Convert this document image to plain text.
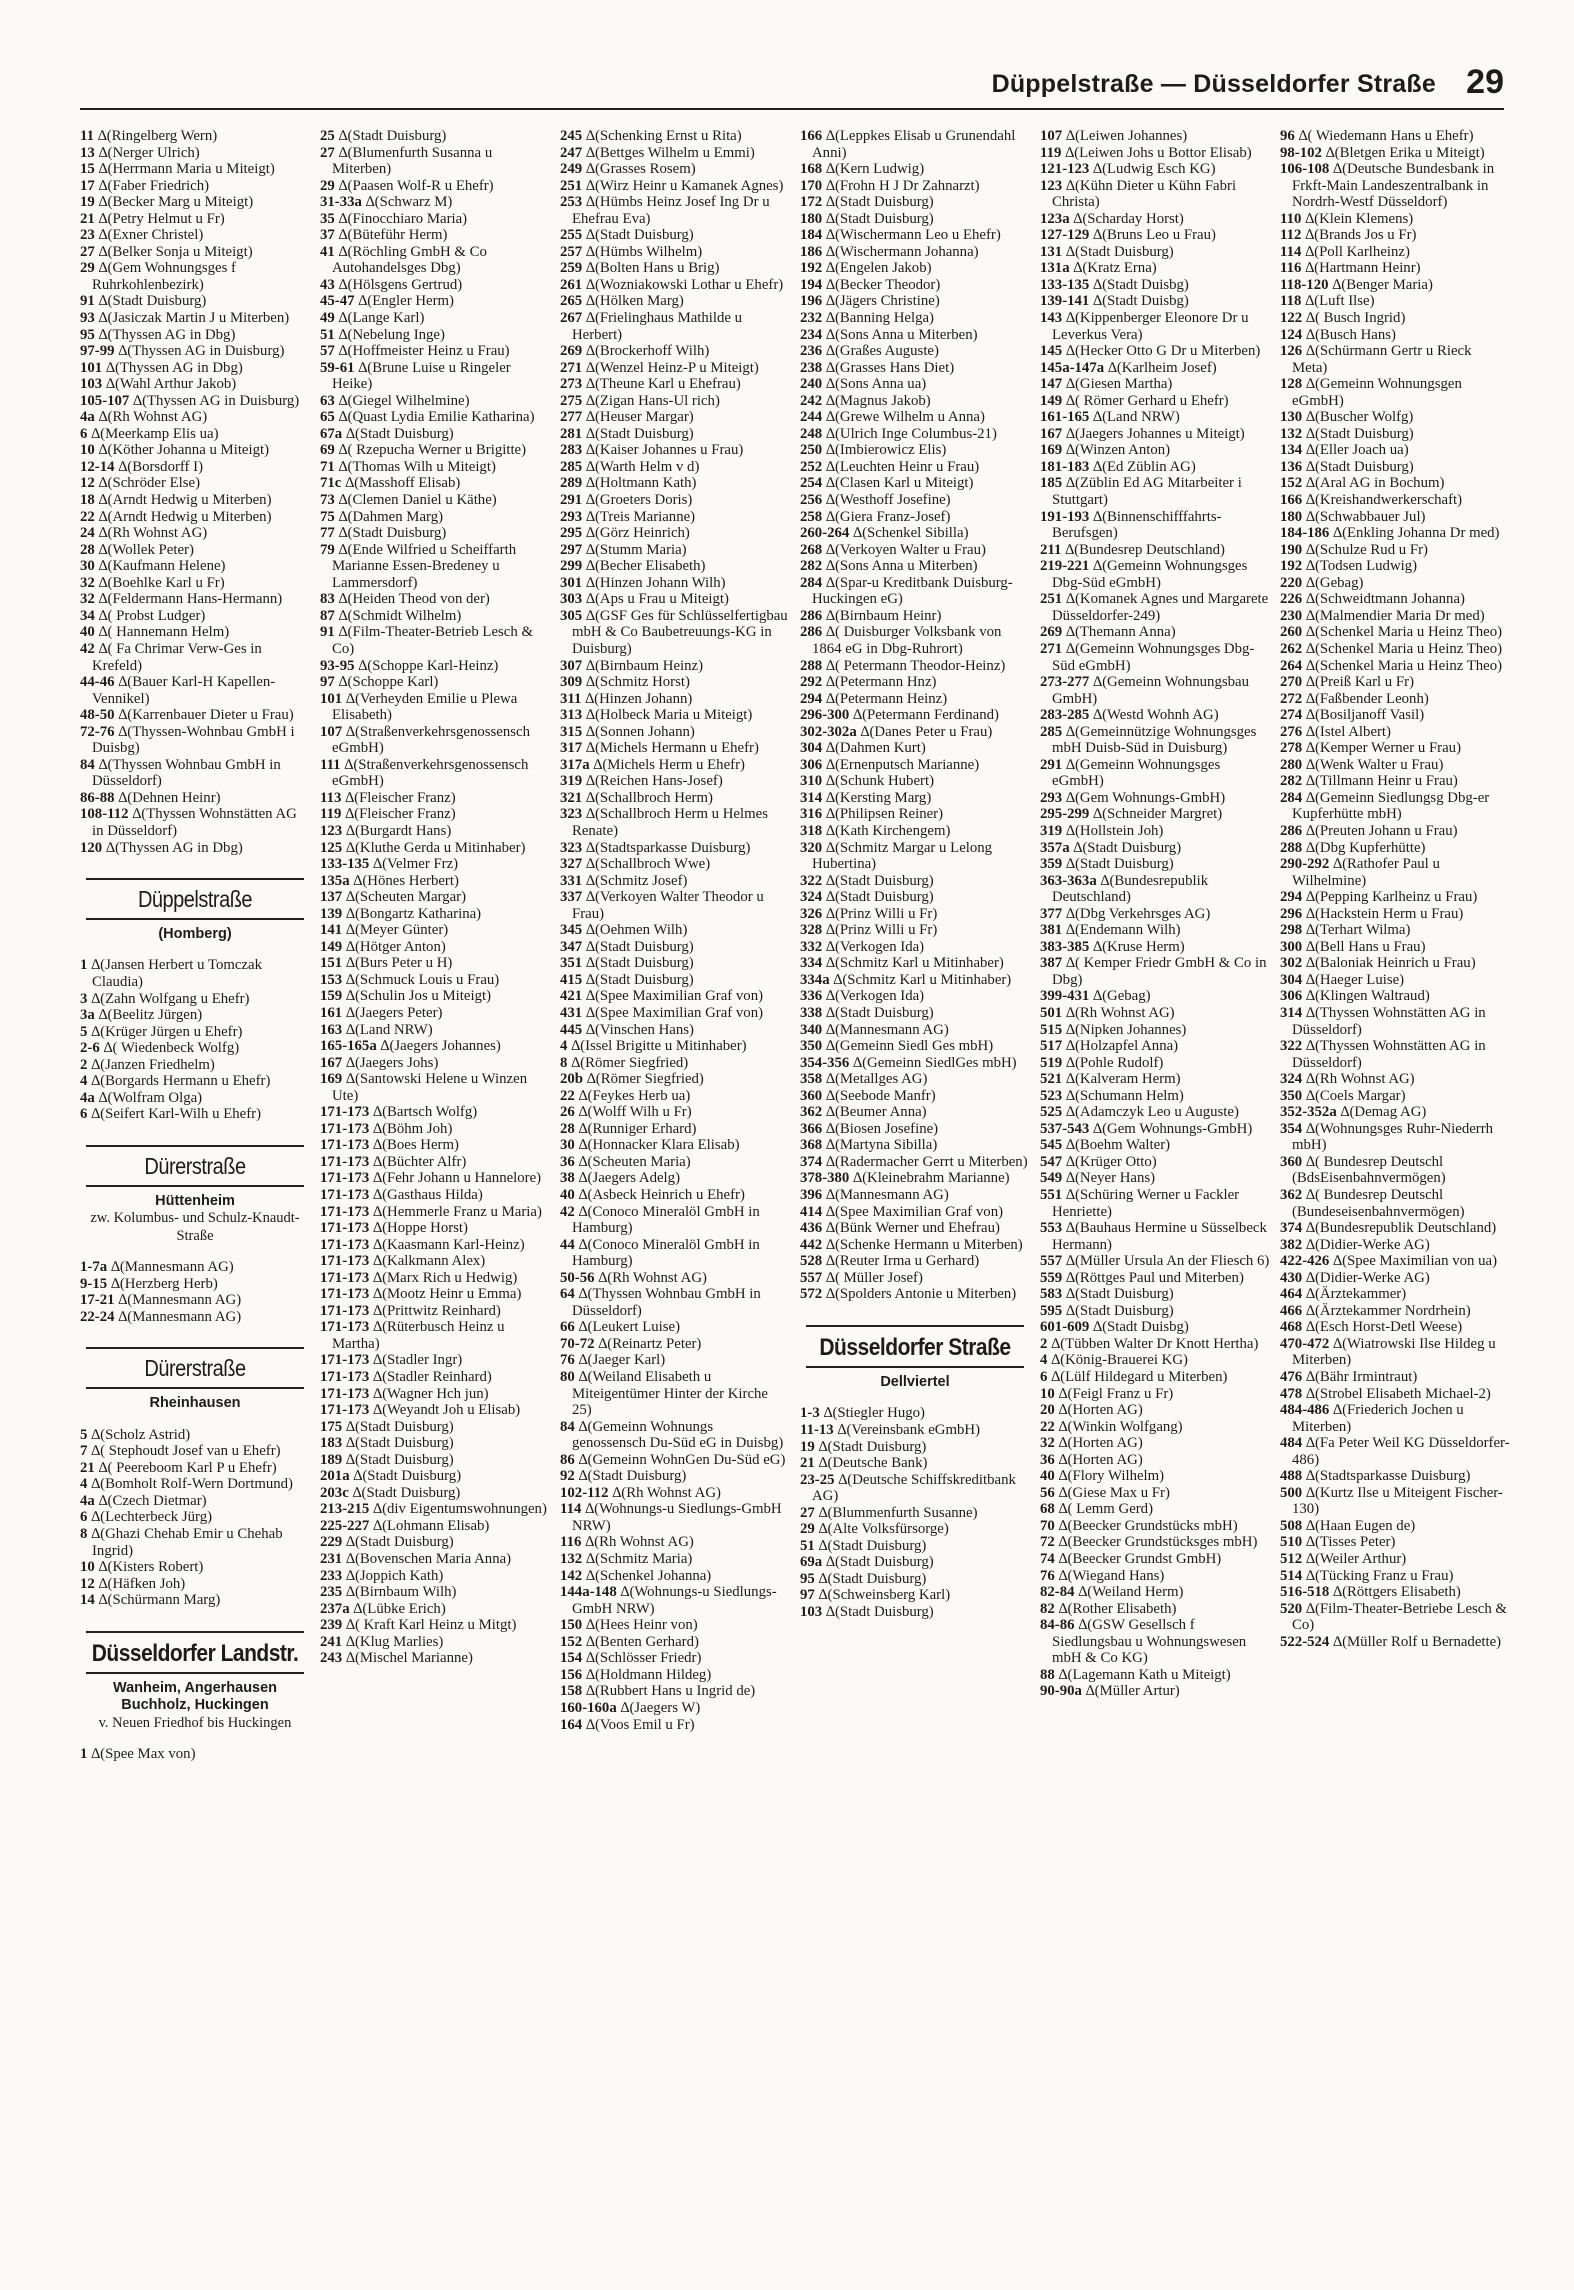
Düppelstraße — Düsseldorfer Straße 29

11 ∆(Ringelberg Wern)

13 ∆(Nerger Ulrich)

15 ∆(Herrmann Maria u Miteigt)

17 ∆(Faber Friedrich)

19 ∆(Becker Marg u Miteigt)

21 ∆(Petry Helmut u Fr)

23 ∆(Exner Christel)

27 ∆(Belker Sonja u Miteigt)

29 ∆(Gem Wohnungsges f Ruhrkohlenbezirk)

91 ∆(Stadt Duisburg)

93 ∆(Jasiczak Martin J u Miterben)

95 ∆(Thyssen AG in Dbg)

97-99 ∆(Thyssen AG in Duisburg)

101 ∆(Thyssen AG in Dbg)

103 ∆(Wahl Arthur Jakob)

105-107 ∆(Thyssen AG in Duisburg)

4a ∆(Rh Wohnst AG)

6 ∆(Meerkamp Elis ua)

10 ∆(Köther Johanna u Miteigt)

12-14 ∆(Borsdorff I)

12 ∆(Schröder Else)

18 ∆(Arndt Hedwig u Miterben)

22 ∆(Arndt Hedwig u Miterben)

24 ∆(Rh Wohnst AG)

28 ∆(Wollek Peter)

30 ∆(Kaufmann Helene)

32 ∆(Boehlke Karl u Fr)

32 ∆(Feldermann Hans-Hermann)

34 ∆( Probst Ludger)

40 ∆( Hannemann Helm)

42 ∆( Fa Chrimar Verw-Ges in Krefeld)

44-46 ∆(Bauer Karl-H Kapellen-Vennikel)

48-50 ∆(Karrenbauer Dieter u Frau)

72-76 ∆(Thyssen-Wohnbau GmbH i Duisbg)

84 ∆(Thyssen Wohnbau GmbH in Düsseldorf)

86-88 ∆(Dehnen Heinr)

108-112 ∆(Thyssen Wohnstätten AG in Düsseldorf)

120 ∆(Thyssen AG in Dbg)

Düppelstraße
(Homberg)

1 ∆(Jansen Herbert u Tomczak Claudia)

3 ∆(Zahn Wolfgang u Ehefr)

3a ∆(Beelitz Jürgen)

5 ∆(Krüger Jürgen u Ehefr)

2-6 ∆( Wiedenbeck Wolfg)

2 ∆(Janzen Friedhelm)

4 ∆(Borgards Hermann u Ehefr)

4a ∆(Wolfram Olga)

6 ∆(Seifert Karl-Wilh u Ehefr)

Dürerstraße
Hüttenheim
zw. Kolumbus- und Schulz-Knaudt-Straße

1-7a ∆(Mannesmann AG)

9-15 ∆(Herzberg Herb)

17-21 ∆(Mannesmann AG)

22-24 ∆(Mannesmann AG)

Dürerstraße
Rheinhausen

5 ∆(Scholz Astrid)

7 ∆( Stephoudt Josef van u Ehefr)

21 ∆( Peereboom Karl P u Ehefr)

4 ∆(Bomholt Rolf-Wern Dortmund)

4a ∆(Czech Dietmar)

6 ∆(Lechterbeck Jürg)

8 ∆(Ghazi Chehab Emir u Chehab Ingrid)

10 ∆(Kisters Robert)

12 ∆(Häfken Joh)

14 ∆(Schürmann Marg)

Düsseldorfer Landstr.
Wanheim, Angerhausen Buchholz, Huckingen
v. Neuen Friedhof bis Huckingen

1 ∆(Spee Max von)

25 ∆(Stadt Duisburg)

27 ∆(Blumenfurth Susanna u Miterben)

29 ∆(Paasen Wolf-R u Ehefr)

31-33a ∆(Schwarz M)

35 ∆(Finocchiaro Maria)

37 ∆(Büteführ Herm)

41 ∆(Röchling GmbH & Co Autohandelsges Dbg)

43 ∆(Hölsgens Gertrud)

45-47 ∆(Engler Herm)

49 ∆(Lange Karl)

51 ∆(Nebelung Inge)

57 ∆(Hoffmeister Heinz u Frau)

59-61 ∆(Brune Luise u Ringeler Heike)

63 ∆(Giegel Wilhelmine)

65 ∆(Quast Lydia Emilie Katharina)

67a ∆(Stadt Duisburg)

69 ∆( Rzepucha Werner u Brigitte)

71 ∆(Thomas Wilh u Miteigt)

71c ∆(Masshoff Elisab)

73 ∆(Clemen Daniel u Käthe)

75 ∆(Dahmen Marg)

77 ∆(Stadt Duisburg)

79 ∆(Ende Wilfried u Scheiffarth Marianne Essen-Bredeney u Lammersdorf)

83 ∆(Heiden Theod von der)

87 ∆(Schmidt Wilhelm)

91 ∆(Film-Theater-Betrieb Lesch & Co)

93-95 ∆(Schoppe Karl-Heinz)

97 ∆(Schoppe Karl)

101 ∆(Verheyden Emilie u Plewa Elisabeth)

107 ∆(Straßenverkehrsgenossensch eGmbH)

111 ∆(Straßenverkehrsgenossensch eGmbH)

113 ∆(Fleischer Franz)

119 ∆(Fleischer Franz)

123 ∆(Burgardt Hans)

125 ∆(Kluthe Gerda u Mitinhaber)

133-135 ∆(Velmer Frz)

135a ∆(Hönes Herbert)

137 ∆(Scheuten Margar)

139 ∆(Bongartz Katharina)

141 ∆(Meyer Günter)

149 ∆(Hötger Anton)

151 ∆(Burs Peter u H)

153 ∆(Schmuck Louis u Frau)

159 ∆(Schulin Jos u Miteigt)

161 ∆(Jaegers Peter)

163 ∆(Land NRW)

165-165a ∆(Jaegers Johannes)

167 ∆(Jaegers Johs)

169 ∆(Santowski Helene u Winzen Ute)

171-173 ∆(Bartsch Wolfg)

171-173 ∆(Böhm Joh)

171-173 ∆(Boes Herm)

171-173 ∆(Büchter Alfr)

171-173 ∆(Fehr Johann u Hannelore)

171-173 ∆(Gasthaus Hilda)

171-173 ∆(Hemmerle Franz u Maria)

171-173 ∆(Hoppe Horst)

171-173 ∆(Kaasmann Karl-Heinz)

171-173 ∆(Kalkmann Alex)

171-173 ∆(Marx Rich u Hedwig)

171-173 ∆(Mootz Heinr u Emma)

171-173 ∆(Prittwitz Reinhard)

171-173 ∆(Rüterbusch Heinz u Martha)

171-173 ∆(Stadler Ingr)

171-173 ∆(Stadler Reinhard)

171-173 ∆(Wagner Hch jun)

171-173 ∆(Weyandt Joh u Elisab)

175 ∆(Stadt Duisburg)

183 ∆(Stadt Duisburg)

189 ∆(Stadt Duisburg)

201a ∆(Stadt Duisburg)

203c ∆(Stadt Duisburg)

213-215 ∆(div Eigentumswohnungen)

225-227 ∆(Lohmann Elisab)

229 ∆(Stadt Duisburg)

231 ∆(Bovenschen Maria Anna)

233 ∆(Joppich Kath)

235 ∆(Birnbaum Wilh)

237a ∆(Lübke Erich)

239 ∆( Kraft Karl Heinz u Mitgt)

241 ∆(Klug Marlies)

243 ∆(Mischel Marianne)

245 ∆(Schenking Ernst u Rita)

247 ∆(Bettges Wilhelm u Emmi)

249 ∆(Grasses Rosem)

251 ∆(Wirz Heinr u Kamanek Agnes)

253 ∆(Hümbs Heinz Josef Ing Dr u Ehefrau Eva)

255 ∆(Stadt Duisburg)

257 ∆(Hümbs Wilhelm)

259 ∆(Bolten Hans u Brig)

261 ∆(Wozniakowski Lothar u Ehefr)

265 ∆(Hölken Marg)

267 ∆(Frielinghaus Mathilde u Herbert)

269 ∆(Brockerhoff Wilh)

271 ∆(Wenzel Heinz-P u Miteigt)

273 ∆(Theune Karl u Ehefrau)

275 ∆(Zigan Hans-Ul rich)

277 ∆(Heuser Margar)

281 ∆(Stadt Duisburg)

283 ∆(Kaiser Johannes u Frau)

285 ∆(Warth Helm v d)

289 ∆(Holtmann Kath)

291 ∆(Groeters Doris)

293 ∆(Treis Marianne)

295 ∆(Görz Heinrich)

297 ∆(Stumm Maria)

299 ∆(Becher Elisabeth)

301 ∆(Hinzen Johann Wilh)

303 ∆(Aps u Frau u Miteigt)

305 ∆(GSF Ges für Schlüsselfertigbau mbH & Co Baubetreuungs-KG in Duisburg)

307 ∆(Birnbaum Heinz)

309 ∆(Schmitz Horst)

311 ∆(Hinzen Johann)

313 ∆(Holbeck Maria u Miteigt)

315 ∆(Sonnen Johann)

317 ∆(Michels Hermann u Ehefr)

317a ∆(Michels Herm u Ehefr)

319 ∆(Reichen Hans-Josef)

321 ∆(Schallbroch Herm)

323 ∆(Schallbroch Herm u Helmes Renate)

323 ∆(Stadtsparkasse Duisburg)

327 ∆(Schallbroch Wwe)

331 ∆(Schmitz Josef)

337 ∆(Verkoyen Walter Theodor u Frau)

345 ∆(Oehmen Wilh)

347 ∆(Stadt Duisburg)

351 ∆(Stadt Duisburg)

415 ∆(Stadt Duisburg)

421 ∆(Spee Maximilian Graf von)

431 ∆(Spee Maximilian Graf von)

445 ∆(Vinschen Hans)

4 ∆(Issel Brigitte u Mitinhaber)

8 ∆(Römer Siegfried)

20b ∆(Römer Siegfried)

22 ∆(Feykes Herb ua)

26 ∆(Wolff Wilh u Fr)

28 ∆(Runniger Erhard)

30 ∆(Honnacker Klara Elisab)

36 ∆(Scheuten Maria)

38 ∆(Jaegers Adelg)

40 ∆(Asbeck Heinrich u Ehefr)

42 ∆(Conoco Mineralöl GmbH in Hamburg)

44 ∆(Conoco Mineralöl GmbH in Hamburg)

50-56 ∆(Rh Wohnst AG)

64 ∆(Thyssen Wohnbau GmbH in Düsseldorf)

66 ∆(Leukert Luise)

70-72 ∆(Reinartz Peter)

76 ∆(Jaeger Karl)

80 ∆(Weiland Elisabeth u Miteigentümer Hinter der Kirche 25)

84 ∆(Gemeinn Wohnungs genossensch Du-Süd eG in Duisbg)

86 ∆(Gemeinn WohnGen Du-Süd eG)

92 ∆(Stadt Duisburg)

102-112 ∆(Rh Wohnst AG)

114 ∆(Wohnungs-u Siedlungs-GmbH NRW)

116 ∆(Rh Wohnst AG)

132 ∆(Schmitz Maria)

142 ∆(Schenkel Johanna)

144a-148 ∆(Wohnungs-u Siedlungs-GmbH NRW)

150 ∆(Hees Heinr von)

152 ∆(Benten Gerhard)

154 ∆(Schlösser Friedr)

156 ∆(Holdmann Hildeg)

158 ∆(Rubbert Hans u Ingrid de)

160-160a ∆(Jaegers W)

164 ∆(Voos Emil u Fr)

166 ∆(Leppkes Elisab u Grunendahl Anni)

168 ∆(Kern Ludwig)

170 ∆(Frohn H J Dr Zahnarzt)

172 ∆(Stadt Duisburg)

180 ∆(Stadt Duisburg)

184 ∆(Wischermann Leo u Ehefr)

186 ∆(Wischermann Johanna)

192 ∆(Engelen Jakob)

194 ∆(Becker Theodor)

196 ∆(Jägers Christine)

232 ∆(Banning Helga)

234 ∆(Sons Anna u Miterben)

236 ∆(Graßes Auguste)

238 ∆(Grasses Hans Diet)

240 ∆(Sons Anna ua)

242 ∆(Magnus Jakob)

244 ∆(Grewe Wilhelm u Anna)

248 ∆(Ulrich Inge Columbus-21)

250 ∆(Imbierowicz Elis)

252 ∆(Leuchten Heinr u Frau)

254 ∆(Clasen Karl u Miteigt)

256 ∆(Westhoff Josefine)

258 ∆(Giera Franz-Josef)

260-264 ∆(Schenkel Sibilla)

268 ∆(Verkoyen Walter u Frau)

282 ∆(Sons Anna u Miterben)

284 ∆(Spar-u Kreditbank Duisburg-Huckingen eG)

286 ∆(Birnbaum Heinr)

286 ∆( Duisburger Volksbank von 1864 eG in Dbg-Ruhrort)

288 ∆( Petermann Theodor-Heinz)

292 ∆(Petermann Hnz)

294 ∆(Petermann Heinz)

296-300 ∆(Petermann Ferdinand)

302-302a ∆(Danes Peter u Frau)

304 ∆(Dahmen Kurt)

306 ∆(Ernenputsch Marianne)

310 ∆(Schunk Hubert)

314 ∆(Kersting Marg)

316 ∆(Philipsen Reiner)

318 ∆(Kath Kirchengem)

320 ∆(Schmitz Margar u Lelong Hubertina)

322 ∆(Stadt Duisburg)

324 ∆(Stadt Duisburg)

326 ∆(Prinz Willi u Fr)

328 ∆(Prinz Willi u Fr)

332 ∆(Verkogen Ida)

334 ∆(Schmitz Karl u Mitinhaber)

334a ∆(Schmitz Karl u Mitinhaber)

336 ∆(Verkogen Ida)

338 ∆(Stadt Duisburg)

340 ∆(Mannesmann AG)

350 ∆(Gemeinn Siedl Ges mbH)

354-356 ∆(Gemeinn SiedlGes mbH)

358 ∆(Metallges AG)

360 ∆(Seebode Manfr)

362 ∆(Beumer Anna)

366 ∆(Biosen Josefine)

368 ∆(Martyna Sibilla)

374 ∆(Radermacher Gerrt u Miterben)

378-380 ∆(Kleinebrahm Marianne)

396 ∆(Mannesmann AG)

414 ∆(Spee Maximilian Graf von)

436 ∆(Bünk Werner und Ehefrau)

442 ∆(Schenke Hermann u Miterben)

528 ∆(Reuter Irma u Gerhard)

557 ∆( Müller Josef)

572 ∆(Spolders Antonie u Miterben)

Düsseldorfer Straße
Dellviertel

1-3 ∆(Stiegler Hugo)

11-13 ∆(Vereinsbank eGmbH)

19 ∆(Stadt Duisburg)

21 ∆(Deutsche Bank)

23-25 ∆(Deutsche Schiffskreditbank AG)

27 ∆(Blummenfurth Susanne)

29 ∆(Alte Volksfürsorge)

51 ∆(Stadt Duisburg)

69a ∆(Stadt Duisburg)

95 ∆(Stadt Duisburg)

97 ∆(Schweinsberg Karl)

103 ∆(Stadt Duisburg)

107 ∆(Leiwen Johannes)

119 ∆(Leiwen Johs u Bottor Elisab)

121-123 ∆(Ludwig Esch KG)

123 ∆(Kühn Dieter u Kühn Fabri Christa)

123a ∆(Scharday Horst)

127-129 ∆(Bruns Leo u Frau)

131 ∆(Stadt Duisburg)

131a ∆(Kratz Erna)

133-135 ∆(Stadt Duisbg)

139-141 ∆(Stadt Duisbg)

143 ∆(Kippenberger Eleonore Dr u Leverkus Vera)

145 ∆(Hecker Otto G Dr u Miterben)

145a-147a ∆(Karlheim Josef)

147 ∆(Giesen Martha)

149 ∆( Römer Gerhard u Ehefr)

161-165 ∆(Land NRW)

167 ∆(Jaegers Johannes u Miteigt)

169 ∆(Winzen Anton)

181-183 ∆(Ed Züblin AG)

185 ∆(Züblin Ed AG Mitarbeiter i Stuttgart)

191-193 ∆(Binnenschifffahrts-Berufsgen)

211 ∆(Bundesrep Deutschland)

219-221 ∆(Gemeinn Wohnungsges Dbg-Süd eGmbH)

251 ∆(Komanek Agnes und Margarete Düsseldorfer-249)

269 ∆(Themann Anna)

271 ∆(Gemeinn Wohnungsges Dbg-Süd eGmbH)

273-277 ∆(Gemeinn Wohnungsbau GmbH)

283-285 ∆(Westd Wohnh AG)

285 ∆(Gemeinnützige Wohnungsges mbH Duisb-Süd in Duisburg)

291 ∆(Gemeinn Wohnungsges eGmbH)

293 ∆(Gem Wohnungs-GmbH)

295-299 ∆(Schneider Margret)

319 ∆(Hollstein Joh)

357a ∆(Stadt Duisburg)

359 ∆(Stadt Duisburg)

363-363a ∆(Bundesrepublik Deutschland)

377 ∆(Dbg Verkehrsges AG)

381 ∆(Endemann Wilh)

383-385 ∆(Kruse Herm)

387 ∆( Kemper Friedr GmbH & Co in Dbg)

399-431 ∆(Gebag)

501 ∆(Rh Wohnst AG)

515 ∆(Nipken Johannes)

517 ∆(Holzapfel Anna)

519 ∆(Pohle Rudolf)

521 ∆(Kalveram Herm)

523 ∆(Schumann Helm)

525 ∆(Adamczyk Leo u Auguste)

537-543 ∆(Gem Wohnungs-GmbH)

545 ∆(Boehm Walter)

547 ∆(Krüger Otto)

549 ∆(Neyer Hans)

551 ∆(Schüring Werner u Fackler Henriette)

553 ∆(Bauhaus Hermine u Süsselbeck Hermann)

557 ∆(Müller Ursula An der Fliesch 6)

559 ∆(Röttges Paul und Miterben)

583 ∆(Stadt Duisburg)

595 ∆(Stadt Duisburg)

601-609 ∆(Stadt Duisbg)

2 ∆(Tübben Walter Dr Knott Hertha)

4 ∆(König-Brauerei KG)

6 ∆(Lülf Hildegard u Miterben)

10 ∆(Feigl Franz u Fr)

20 ∆(Horten AG)

22 ∆(Winkin Wolfgang)

32 ∆(Horten AG)

36 ∆(Horten AG)

40 ∆(Flory Wilhelm)

56 ∆(Giese Max u Fr)

68 ∆( Lemm Gerd)

70 ∆(Beecker Grundstücks mbH)

72 ∆(Beecker Grundstücksges mbH)

74 ∆(Beecker Grundst GmbH)

76 ∆(Wiegand Hans)

82-84 ∆(Weiland Herm)

82 ∆(Rother Elisabeth)

84-86 ∆(GSW Gesellsch f Siedlungsbau u Wohnungswesen mbH & Co KG)

88 ∆(Lagemann Kath u Miteigt)

90-90a ∆(Müller Artur)

96 ∆( Wiedemann Hans u Ehefr)

98-102 ∆(Bletgen Erika u Miteigt)

106-108 ∆(Deutsche Bundesbank in Frkft-Main Landeszentralbank in Nordrh-Westf Düsseldorf)

110 ∆(Klein Klemens)

112 ∆(Brands Jos u Fr)

114 ∆(Poll Karlheinz)

116 ∆(Hartmann Heinr)

118-120 ∆(Benger Maria)

118 ∆(Luft Ilse)

122 ∆( Busch Ingrid)

124 ∆(Busch Hans)

126 ∆(Schürmann Gertr u Rieck Meta)

128 ∆(Gemeinn Wohnungsgen eGmbH)

130 ∆(Buscher Wolfg)

132 ∆(Stadt Duisburg)

134 ∆(Eller Joach ua)

136 ∆(Stadt Duisburg)

152 ∆(Aral AG in Bochum)

166 ∆(Kreishandwerkerschaft)

180 ∆(Schwabbauer Jul)

184-186 ∆(Enkling Johanna Dr med)

190 ∆(Schulze Rud u Fr)

192 ∆(Todsen Ludwig)

220 ∆(Gebag)

226 ∆(Schweidtmann Johanna)

230 ∆(Malmendier Maria Dr med)

260 ∆(Schenkel Maria u Heinz Theo)

262 ∆(Schenkel Maria u Heinz Theo)

264 ∆(Schenkel Maria u Heinz Theo)

270 ∆(Preiß Karl u Fr)

272 ∆(Faßbender Leonh)

274 ∆(Bosiljanoff Vasil)

276 ∆(Istel Albert)

278 ∆(Kemper Werner u Frau)

280 ∆(Wenk Walter u Frau)

282 ∆(Tillmann Heinr u Frau)

284 ∆(Gemeinn Siedlungsg Dbg-er Kupferhütte mbH)

286 ∆(Preuten Johann u Frau)

288 ∆(Dbg Kupferhütte)

290-292 ∆(Rathofer Paul u Wilhelmine)

294 ∆(Pepping Karlheinz u Frau)

296 ∆(Hackstein Herm u Frau)

298 ∆(Terhart Wilma)

300 ∆(Bell Hans u Frau)

302 ∆(Baloniak Heinrich u Frau)

304 ∆(Haeger Luise)

306 ∆(Klingen Waltraud)

314 ∆(Thyssen Wohnstätten AG in Düsseldorf)

322 ∆(Thyssen Wohnstätten AG in Düsseldorf)

324 ∆(Rh Wohnst AG)

350 ∆(Coels Margar)

352-352a ∆(Demag AG)

354 ∆(Wohnungsges Ruhr-Niederrh mbH)

360 ∆( Bundesrep Deutschl (BdsEisenbahnvermögen)

362 ∆( Bundesrep Deutschl (Bundeseisenbahnvermögen)

374 ∆(Bundesrepublik Deutschland)

382 ∆(Didier-Werke AG)

422-426 ∆(Spee Maximilian von ua)

430 ∆(Didier-Werke AG)

464 ∆(Ärztekammer)

466 ∆(Ärztekammer Nordrhein)

468 ∆(Esch Horst-Detl Weese)

470-472 ∆(Wiatrowski Ilse Hildeg u Miterben)

476 ∆(Bähr Irmintraut)

478 ∆(Strobel Elisabeth Michael-2)

484-486 ∆(Friederich Jochen u Miterben)

484 ∆(Fa Peter Weil KG Düsseldorfer-486)

488 ∆(Stadtsparkasse Duisburg)

500 ∆(Kurtz Ilse u Miteigent Fischer-130)

508 ∆(Haan Eugen de)

510 ∆(Tisses Peter)

512 ∆(Weiler Arthur)

514 ∆(Tücking Franz u Frau)

516-518 ∆(Röttgers Elisabeth)

520 ∆(Film-Theater-Betriebe Lesch & Co)

522-524 ∆(Müller Rolf u Bernadette)
